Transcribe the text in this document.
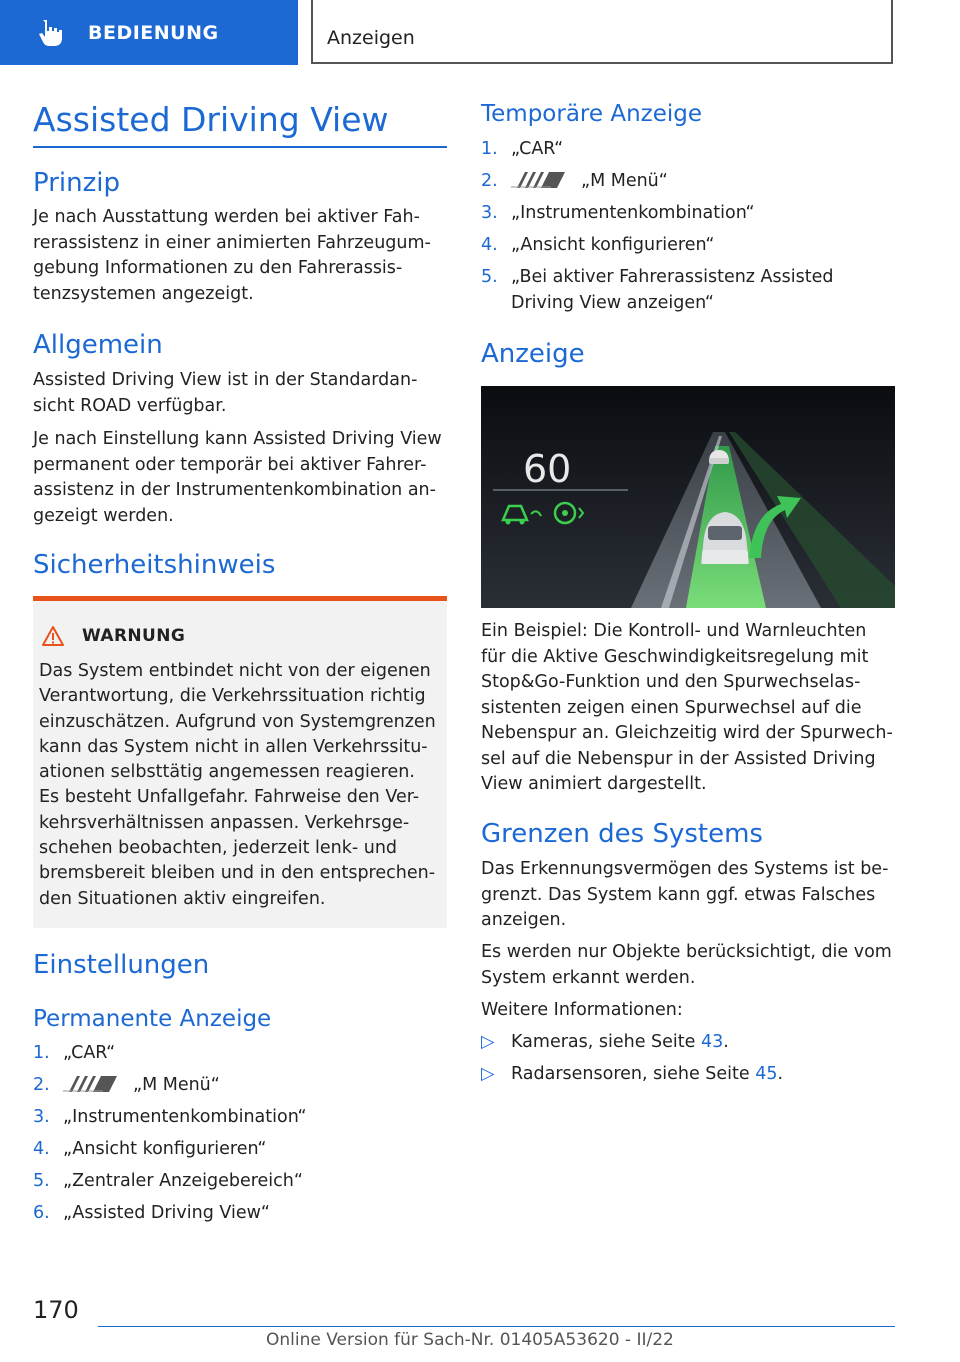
BEDIENUNG	Anzeigen
Assisted Driving View
Prinzip
Je nach Ausstattung werden bei aktiver Fah-
rerassistenz in einer animierten Fahrzeugum-
gebung Informationen zu den Fahrerassis-
tenzsystemen angezeigt.
Allgemein
Assisted Driving View ist in der Standardan-
sicht ROAD verfügbar.
Je nach Einstellung kann Assisted Driving View
permanent oder temporär bei aktiver Fahrer-
assistenz in der Instrumentenkombination an-
gezeigt werden.
Sicherheitshinweis
WARNUNG
Das System entbindet nicht von der eigenen
Verantwortung, die Verkehrssituation richtig
einzuschätzen. Aufgrund von Systemgrenzen
kann das System nicht in allen Verkehrssitu-
ationen selbsttätig angemessen reagieren.
Es besteht Unfallgefahr. Fahrweise den Ver-
kehrsverhältnissen anpassen. Verkehrsge-
schehen beobachten, jederzeit lenk- und
bremsbereit bleiben und in den entsprechen-
den Situationen aktiv eingreifen.
Einstellungen
Permanente Anzeige
1. „CAR“
2.	„M Menü“
3. „Instrumentenkombination“
4. „Ansicht konfigurieren“
5. „Zentraler Anzeigebereich“
6. „Assisted Driving View“
Temporäre Anzeige
1. „CAR“
2.	„M Menü“
3. „Instrumentenkombination“
4. „Ansicht konfigurieren“
5. „Bei aktiver Fahrerassistenz Assisted
Driving View anzeigen“
Anzeige
60
Ein Beispiel: Die Kontroll- und Warnleuchten
für die Aktive Geschwindigkeitsregelung mit
Stop&Go-Funktion und den Spurwechselas-
sistenten zeigen einen Spurwechsel auf die
Nebenspur an. Gleichzeitig wird der Spurwech-
sel auf die Nebenspur in der Assisted Driving
View animiert dargestellt.
Grenzen des Systems
Das Erkennungsvermögen des Systems ist be-
grenzt. Das System kann ggf. etwas Falsches
anzeigen.
Es werden nur Objekte berücksichtigt, die vom
System erkannt werden.
Weitere Informationen:
▷ Kameras, siehe Seite 43.
▷ Radarsensoren, siehe Seite 45.
170
Online Version für Sach-Nr. 01405A53620 - II/22
